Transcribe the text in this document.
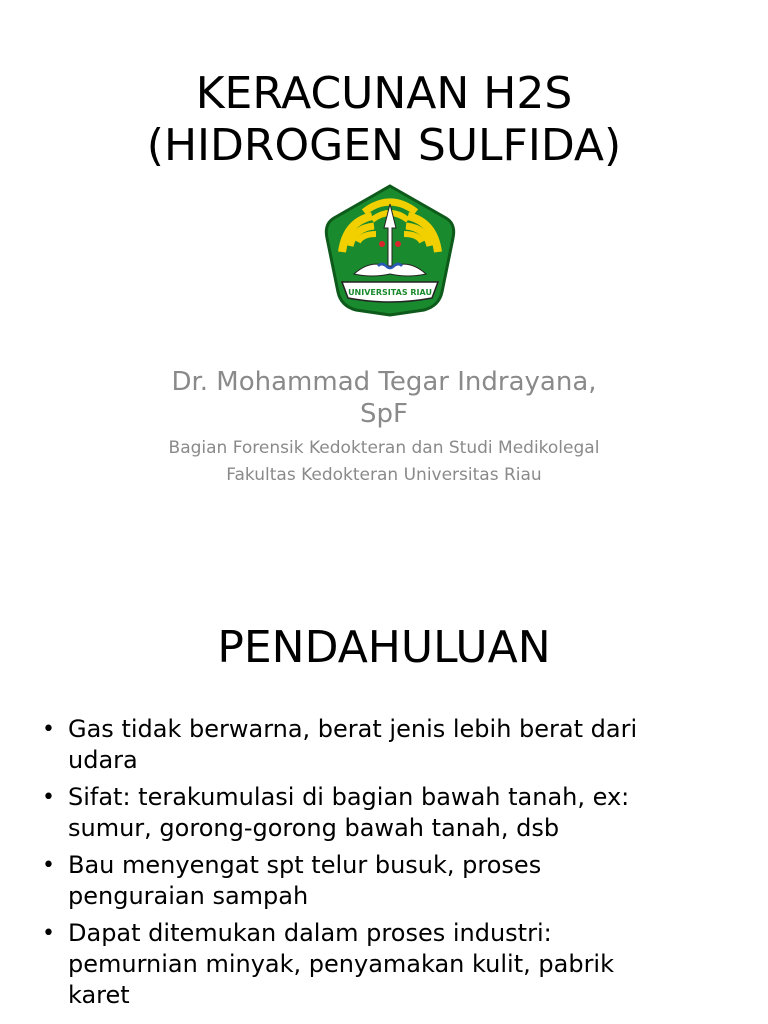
KERACUNAN H2S
(HIDROGEN SULFIDA)
UNIVERSITAS RIAU
Dr. Mohammad Tegar Indrayana,
SpF
Bagian Forensik Kedokteran dan Studi Medikolegal
Fakultas Kedokteran Universitas Riau
PENDAHULUAN
• Gas tidak berwarna, berat jenis lebih berat dari
udara
• Sifat: terakumulasi di bagian bawah tanah, ex:
sumur, gorong-gorong bawah tanah, dsb
• Bau menyengat spt telur busuk, proses
penguraian sampah
• Dapat ditemukan dalam proses industri:
pemurnian minyak, penyamakan kulit, pabrik
karet
